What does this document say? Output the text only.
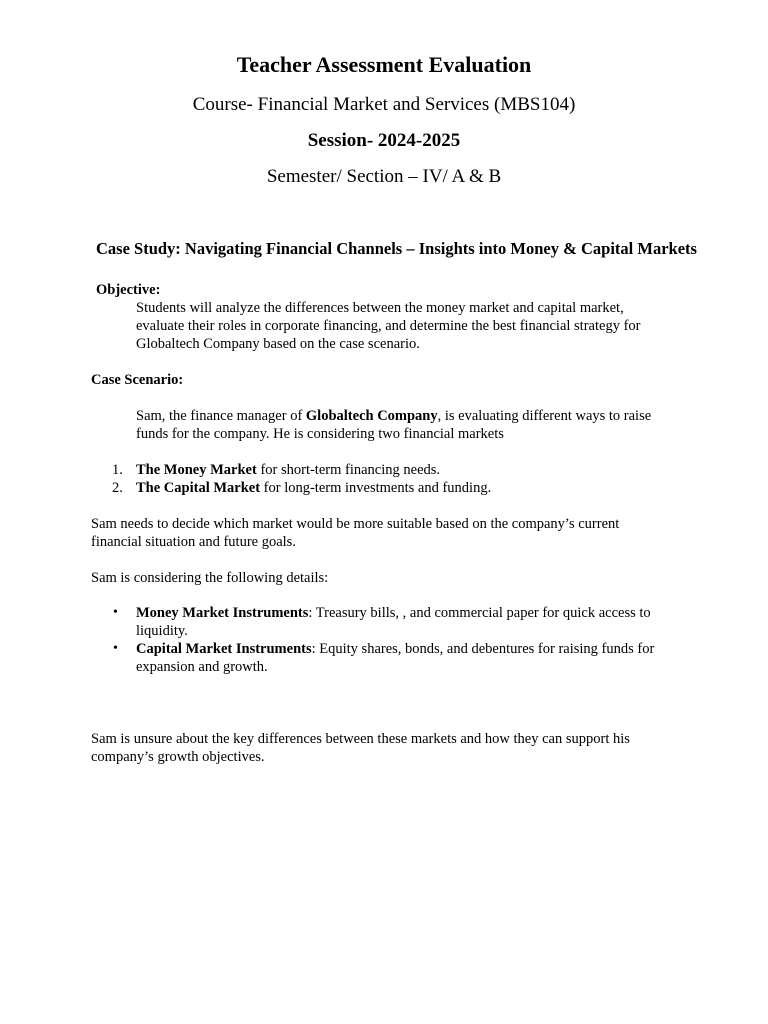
Teacher Assessment Evaluation

Course- Financial Market and Services (MBS104)

Session- 2024-2025

Semester/ Section – IV/ A & B

Case Study: Navigating Financial Channels – Insights into Money & Capital Markets

Objective:

Students will analyze the differences between the money market and capital market,

evaluate their roles in corporate financing, and determine the best financial strategy for

Globaltech Company based on the case scenario.

Case Scenario:

Sam, the finance manager of Globaltech Company, is evaluating different ways to raise

funds for the company. He is considering two financial markets

1. The Money Market for short-term financing needs.

2. The Capital Market for long-term investments and funding.

Sam needs to decide which market would be more suitable based on the company’s current

financial situation and future goals.

Sam is considering the following details:

• Money Market Instruments: Treasury bills, , and commercial paper for quick access to

liquidity.

• Capital Market Instruments: Equity shares, bonds, and debentures for raising funds for

expansion and growth.

Sam is unsure about the key differences between these markets and how they can support his

company’s growth objectives.
